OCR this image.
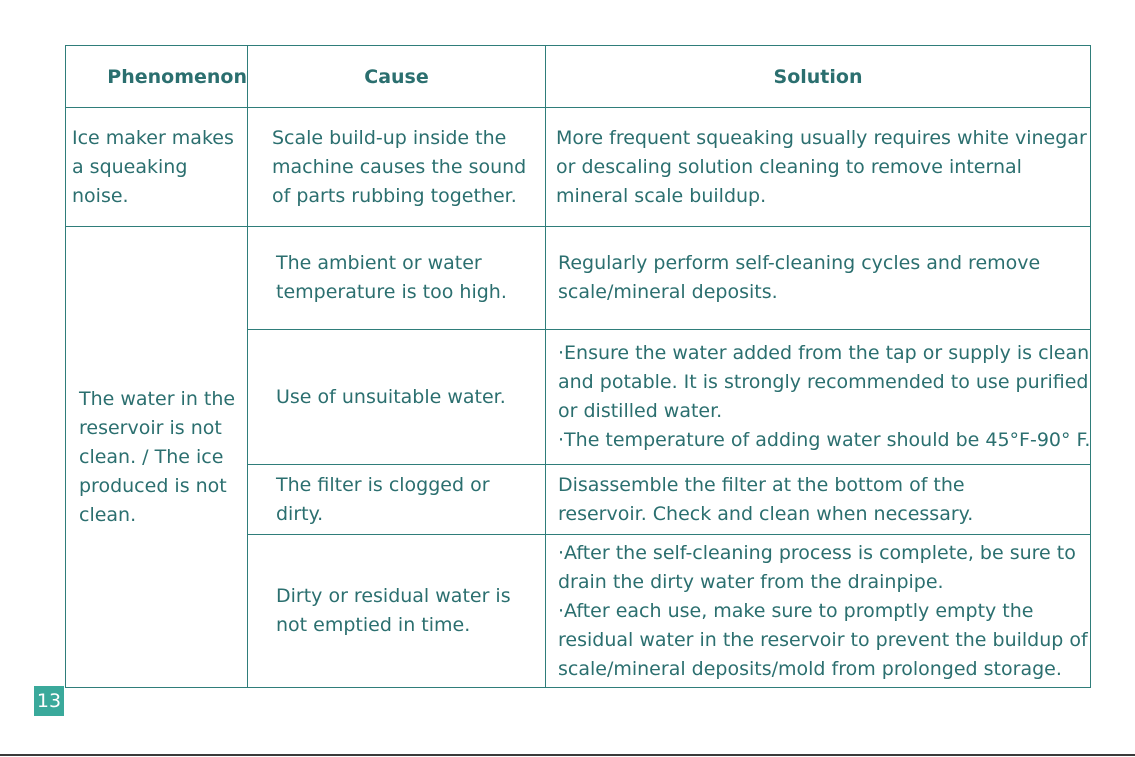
Phenomenon	Cause	Solution

Ice maker makes
a squeaking
noise.	Scale build-up inside the
machine causes the sound
of parts rubbing together.	More frequent squeaking usually requires white vinegar
or descaling solution cleaning to remove internal
mineral scale buildup.

The water in the
reservoir is not
clean. / The ice
produced is not
clean.	The ambient or water
temperature is too high.	Regularly perform self-cleaning cycles and remove
scale/mineral deposits.

	Use of unsuitable water.	·Ensure the water added from the tap or supply is clean
and potable. It is strongly recommended to use purified
or distilled water.
·The temperature of adding water should be 45°F-90° F.

	The filter is clogged or
dirty.	Disassemble the filter at the bottom of the
reservoir. Check and clean when necessary.

	Dirty or residual water is
not emptied in time.	·After the self-cleaning process is complete, be sure to
drain the dirty water from the drainpipe.
·After each use, make sure to promptly empty the
residual water in the reservoir to prevent the buildup of
scale/mineral deposits/mold from prolonged storage.
13
